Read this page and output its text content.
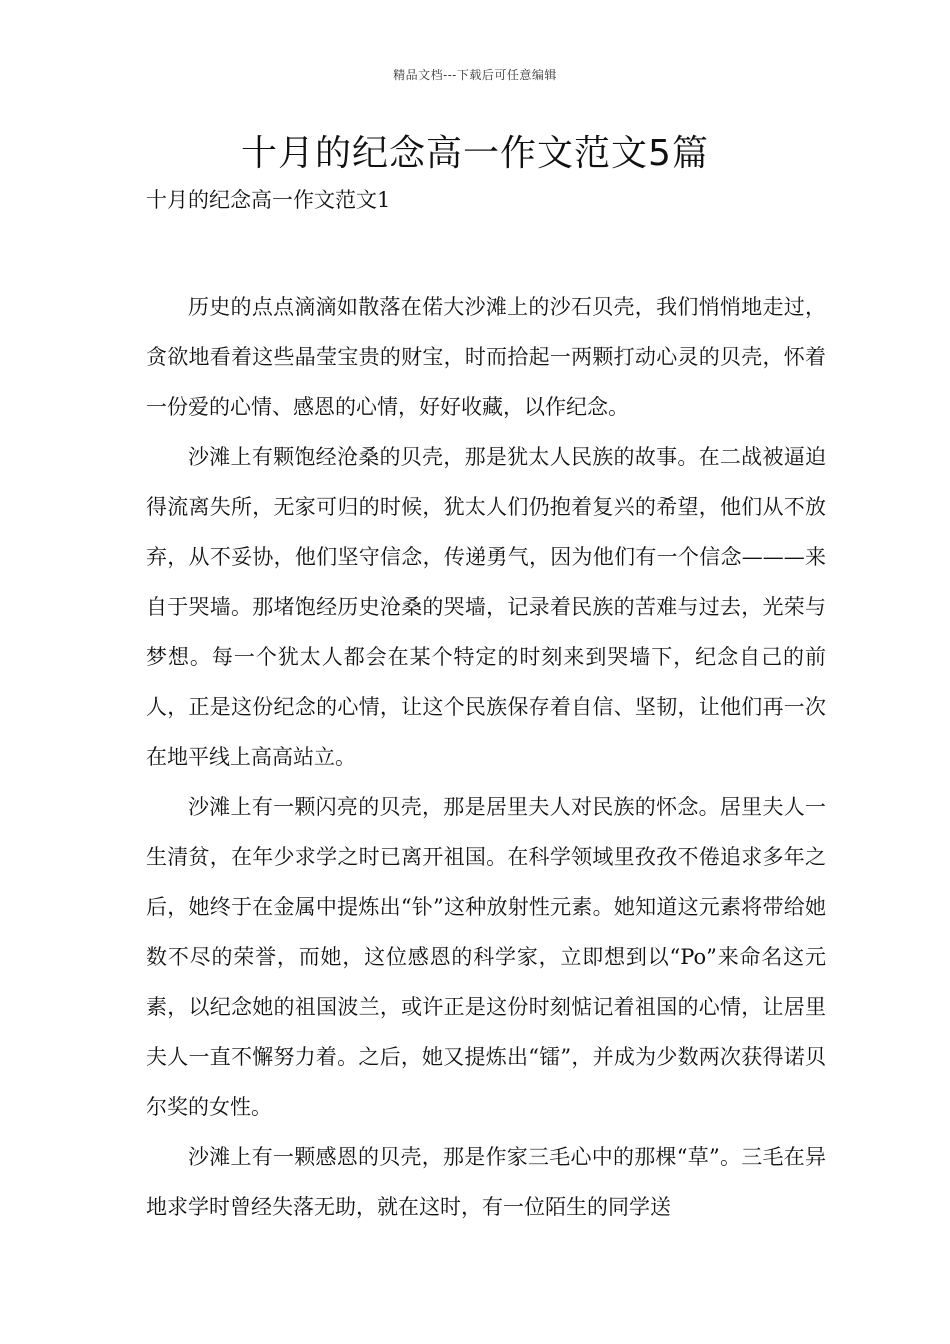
精品文档---下载后可任意编辑
十月的纪念高一作文范文5篇
十月的纪念高一作文范文1

历史的点点滴滴如散落在偌大沙滩上的沙石贝壳，我们悄悄地走过，贪欲地看着这些晶莹宝贵的财宝，时而拾起一两颗打动心灵的贝壳，怀着一份爱的心情、感恩的心情，好好收藏，以作纪念。

沙滩上有颗饱经沧桑的贝壳，那是犹太人民族的故事。在二战被逼迫得流离失所，无家可归的时候，犹太人们仍抱着复兴的希望，他们从不放弃，从不妥协，他们坚守信念，传递勇气，因为他们有一个信念———来自于哭墙。那堵饱经历史沧桑的哭墙，记录着民族的苦难与过去，光荣与梦想。每一个犹太人都会在某个特定的时刻来到哭墙下，纪念自己的前人，正是这份纪念的心情，让这个民族保存着自信、坚韧，让他们再一次在地平线上高高站立。

沙滩上有一颗闪亮的贝壳，那是居里夫人对民族的怀念。居里夫人一生清贫，在年少求学之时已离开祖国。在科学领域里孜孜不倦追求多年之后，她终于在金属中提炼出“钋”这种放射性元素。她知道这元素将带给她数不尽的荣誉，而她，这位感恩的科学家，立即想到以“Po”来命名这元素，以纪念她的祖国波兰，或许正是这份时刻惦记着祖国的心情，让居里夫人一直不懈努力着。之后，她又提炼出“镭”，并成为少数两次获得诺贝尔奖的女性。

沙滩上有一颗感恩的贝壳，那是作家三毛心中的那棵“草”。三毛在异地求学时曾经失落无助，就在这时，有一位陌生的同学送
